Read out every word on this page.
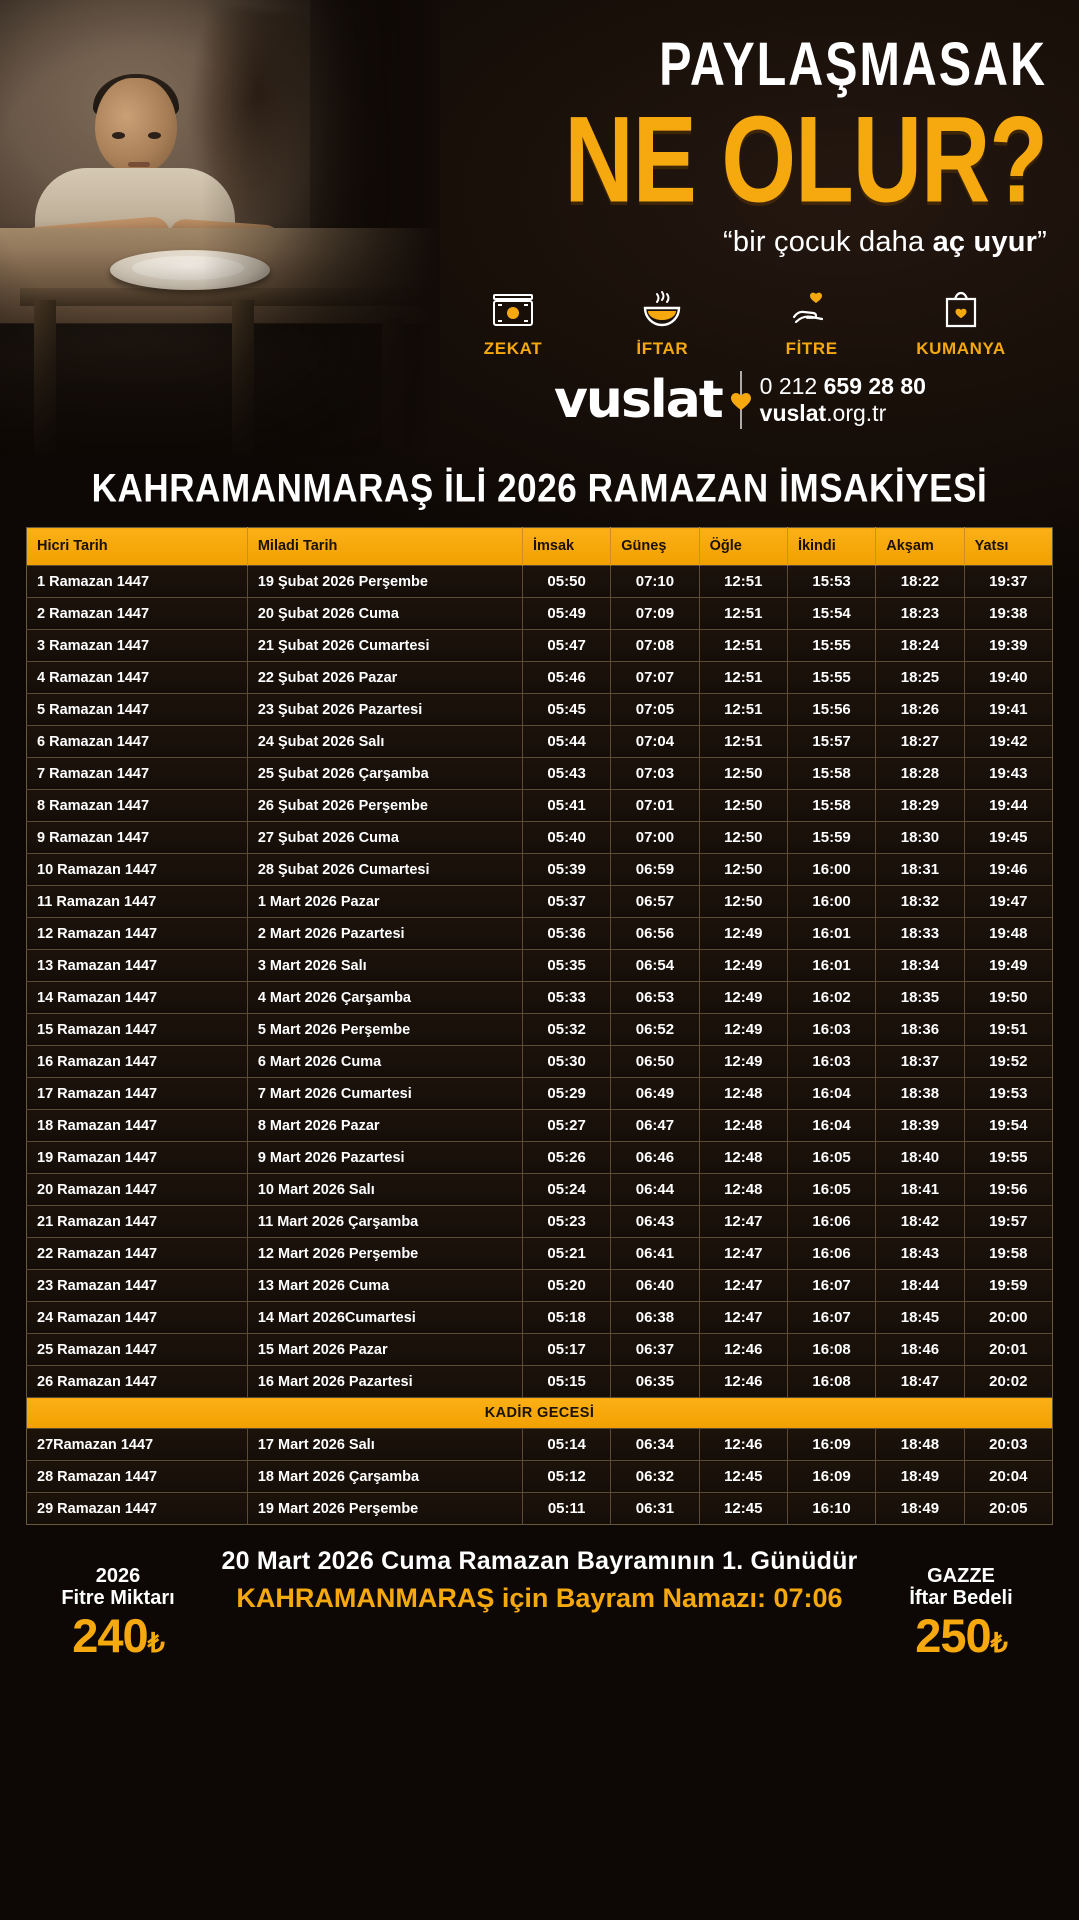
PAYLAŞMASAK
NE OLUR?
“bir çocuk daha aç uyur”
ZEKAT	İFTAR	FİTRE	KUMANYA
vuslat 0 212 659 28 80
vuslat.org.tr
KAHRAMANMARAŞ İLİ 2026 RAMAZAN İMSAKİYESİ
Hicri Tarih	Miladi Tarih	İmsak	Güneş	Öğle	İkindi	Akşam	Yatsı
1 Ramazan 1447	19 Şubat 2026 Perşembe	05:50	07:10	12:51	15:53	18:22	19:37
2 Ramazan 1447	20 Şubat 2026 Cuma	05:49	07:09	12:51	15:54	18:23	19:38
3 Ramazan 1447	21 Şubat 2026 Cumartesi	05:47	07:08	12:51	15:55	18:24	19:39
4 Ramazan 1447	22 Şubat 2026 Pazar	05:46	07:07	12:51	15:55	18:25	19:40
5 Ramazan 1447	23 Şubat 2026 Pazartesi	05:45	07:05	12:51	15:56	18:26	19:41
6 Ramazan 1447	24 Şubat 2026 Salı	05:44	07:04	12:51	15:57	18:27	19:42
7 Ramazan 1447	25 Şubat 2026 Çarşamba	05:43	07:03	12:50	15:58	18:28	19:43
8 Ramazan 1447	26 Şubat 2026 Perşembe	05:41	07:01	12:50	15:58	18:29	19:44
9 Ramazan 1447	27 Şubat 2026 Cuma	05:40	07:00	12:50	15:59	18:30	19:45
10 Ramazan 1447	28 Şubat 2026 Cumartesi	05:39	06:59	12:50	16:00	18:31	19:46
11 Ramazan 1447	1 Mart 2026 Pazar	05:37	06:57	12:50	16:00	18:32	19:47
12 Ramazan 1447	2 Mart 2026 Pazartesi	05:36	06:56	12:49	16:01	18:33	19:48
13 Ramazan 1447	3 Mart 2026 Salı	05:35	06:54	12:49	16:01	18:34	19:49
14 Ramazan 1447	4 Mart 2026 Çarşamba	05:33	06:53	12:49	16:02	18:35	19:50
15 Ramazan 1447	5 Mart 2026 Perşembe	05:32	06:52	12:49	16:03	18:36	19:51
16 Ramazan 1447	6 Mart 2026 Cuma	05:30	06:50	12:49	16:03	18:37	19:52
17 Ramazan 1447	7 Mart 2026 Cumartesi	05:29	06:49	12:48	16:04	18:38	19:53
18 Ramazan 1447	8 Mart 2026 Pazar	05:27	06:47	12:48	16:04	18:39	19:54
19 Ramazan 1447	9 Mart 2026 Pazartesi	05:26	06:46	12:48	16:05	18:40	19:55
20 Ramazan 1447	10 Mart 2026 Salı	05:24	06:44	12:48	16:05	18:41	19:56
21 Ramazan 1447	11 Mart 2026 Çarşamba	05:23	06:43	12:47	16:06	18:42	19:57
22 Ramazan 1447	12 Mart 2026 Perşembe	05:21	06:41	12:47	16:06	18:43	19:58
23 Ramazan 1447	13 Mart 2026 Cuma	05:20	06:40	12:47	16:07	18:44	19:59
24 Ramazan 1447	14 Mart 2026Cumartesi	05:18	06:38	12:47	16:07	18:45	20:00
25 Ramazan 1447	15 Mart 2026 Pazar	05:17	06:37	12:46	16:08	18:46	20:01
26 Ramazan 1447	16 Mart 2026 Pazartesi	05:15	06:35	12:46	16:08	18:47	20:02
KADİR GECESİ							
27Ramazan 1447	17 Mart 2026 Salı	05:14	06:34	12:46	16:09	18:48	20:03
28 Ramazan 1447	18 Mart 2026 Çarşamba	05:12	06:32	12:45	16:09	18:49	20:04
29 Ramazan 1447	19 Mart 2026 Perşembe	05:11	06:31	12:45	16:10	18:49	20:05
2026
Fitre Miktarı
240₺
20 Mart 2026 Cuma Ramazan Bayramının 1. Günüdür
KAHRAMANMARAŞ için Bayram Namazı: 07:06
GAZZE
İftar Bedeli
250₺
